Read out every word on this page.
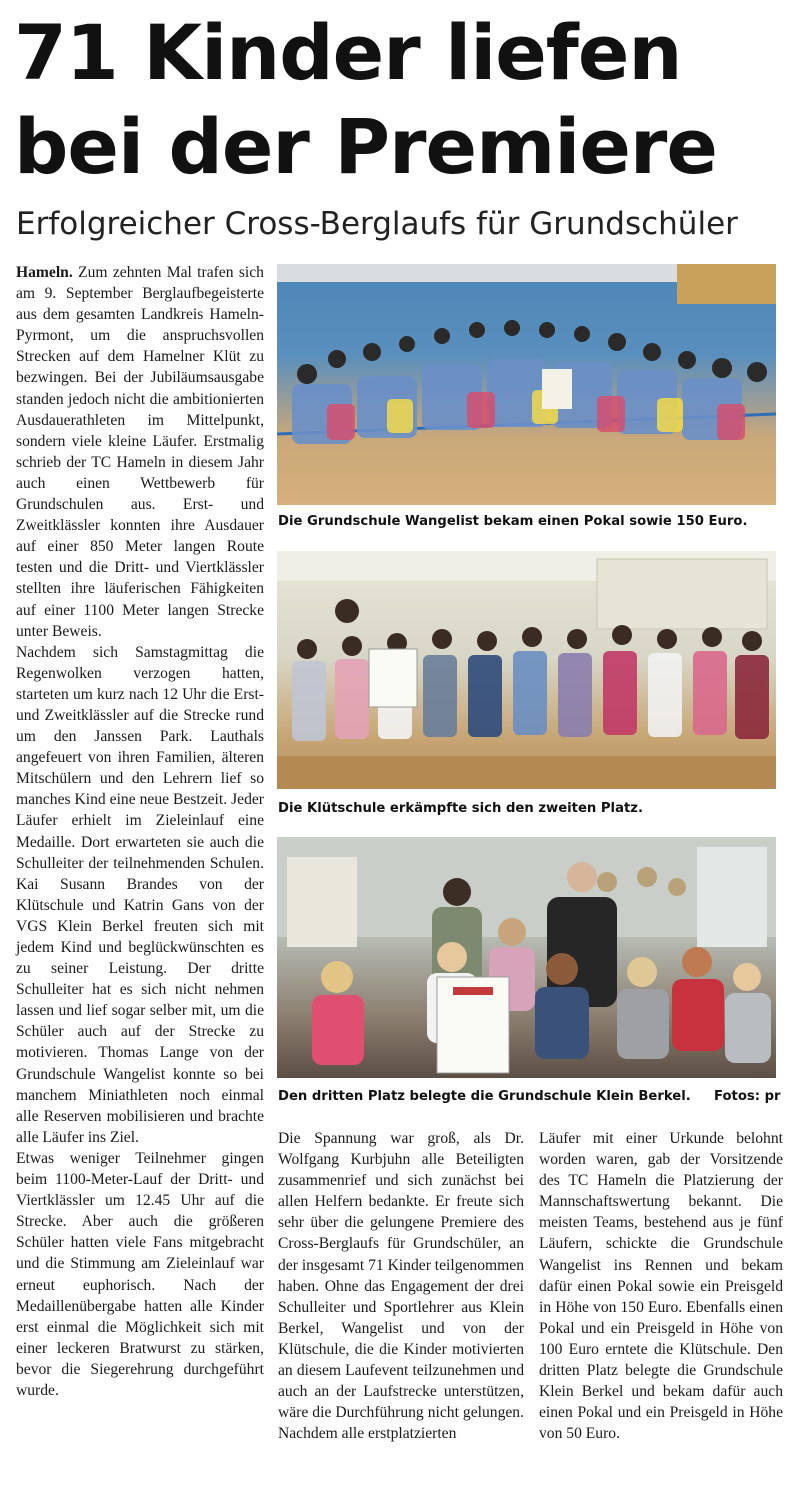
71 Kinder liefen
bei der Premiere
Erfolgreicher Cross-Berglaufs für Grundschüler

Hameln. Zum zehnten Mal trafen sich am 9. September Berglaufbegeisterte aus dem gesamten Landkreis Hameln-Pyrmont, um die anspruchsvollen Strecken auf dem Hamelner Klüt zu bezwingen. Bei der Jubiläumsausgabe standen jedoch nicht die ambitionierten Ausdauerathleten im Mittelpunkt, sondern viele kleine Läufer. Erstmalig schrieb der TC Hameln in diesem Jahr auch einen Wettbewerb für Grundschulen aus. Erst- und Zweitklässler konnten ihre Ausdauer auf einer 850 Meter langen Route testen und die Dritt- und Viertklässler stellten ihre läuferischen Fähigkeiten auf einer 1100 Meter langen Strecke unter Beweis.

Nachdem sich Samstagmittag die Regenwolken verzogen hatten, starteten um kurz nach 12 Uhr die Erst- und Zweitklässler auf die Strecke rund um den Janssen Park. Lauthals angefeuert von ihren Familien, älteren Mitschülern und den Lehrern lief so manches Kind eine neue Bestzeit. Jeder Läufer erhielt im Zieleinlauf eine Medaille. Dort erwarteten sie auch die Schulleiter der teilnehmenden Schulen. Kai Susann Brandes von der Klütschule und Katrin Gans von der VGS Klein Berkel freuten sich mit jedem Kind und beglückwünschten es zu seiner Leistung. Der dritte Schulleiter hat es sich nicht nehmen lassen und lief sogar selber mit, um die Schüler auch auf der Strecke zu motivieren. Thomas Lange von der Grundschule Wangelist konnte so bei manchem Miniathleten noch einmal alle Reserven mobilisieren und brachte alle Läufer ins Ziel.

Etwas weniger Teilnehmer gingen beim 1100-Meter-Lauf der Dritt- und Viertklässler um 12.45 Uhr auf die Strecke. Aber auch die größeren Schüler hatten viele Fans mitgebracht und die Stimmung am Zieleinlauf war erneut euphorisch. Nach der Medaillenübergabe hatten alle Kinder erst einmal die Möglichkeit sich mit einer leckeren Bratwurst zu stärken, bevor die Siegerehrung durchgeführt wurde.

Die Grundschule Wangelist bekam einen Pokal sowie 150 Euro.
Die Klütschule erkämpfte sich den zweiten Platz.
Den dritten Platz belegte die Grundschule Klein Berkel.	Fotos: pr

Die Spannung war groß, als Dr. Wolfgang Kurbjuhn alle Beteiligten zusammenrief und sich zunächst bei allen Helfern bedankte. Er freute sich sehr über die gelungene Premiere des Cross-Berglaufs für Grundschüler, an der insgesamt 71 Kinder teilgenommen haben. Ohne das Engagement der drei Schulleiter und Sportlehrer aus Klein Berkel, Wangelist und von der Klütschule, die die Kinder motivierten an diesem Laufevent teilzunehmen und auch an der Laufstrecke unterstützen, wäre die Durchführung nicht gelungen. Nachdem alle erstplatzierten

Läufer mit einer Urkunde belohnt worden waren, gab der Vorsitzende des TC Hameln die Platzierung der Mannschaftswertung bekannt. Die meisten Teams, bestehend aus je fünf Läufern, schickte die Grundschule Wangelist ins Rennen und bekam dafür einen Pokal sowie ein Preisgeld in Höhe von 150 Euro. Ebenfalls einen Pokal und ein Preisgeld in Höhe von 100 Euro erntete die Klütschule. Den dritten Platz belegte die Grundschule Klein Berkel und bekam dafür auch einen Pokal und ein Preisgeld in Höhe von 50 Euro.
